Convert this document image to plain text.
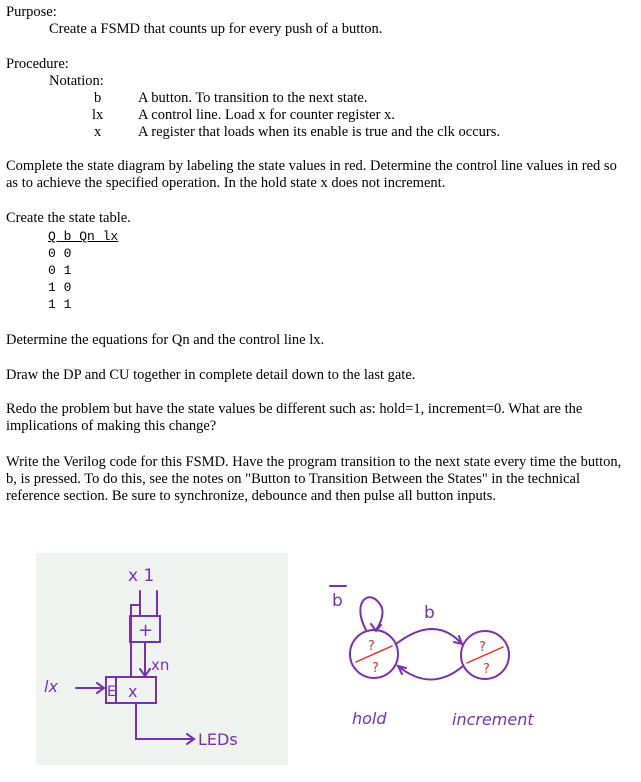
Purpose:
Create a FSMD that counts up for every push of a button.
Procedure:
Notation:
b	A button. To transition to the next state.
lx A control line. Load x for counter register x.
x	A register that loads when its enable is true and the clk occurs.
Complete the state diagram by labeling the state values in red. Determine the control line values in red so as to achieve the specified operation. In the hold state x does not increment.
Create the state table.
Q b Qn lx
0 0
0 1
1 0
1 1
Determine the equations for Qn and the control line lx.
Draw the DP and CU together in complete detail down to the last gate.
Redo the problem but have the state values be different such as: hold=1, increment=0. What are the implications of making this change?
Write the Verilog code for this FSMD. Have the program transition to the next state every time the button, b, is pressed. To do this, see the notes on "Button to Transition Between the States" in the technical reference section. Be sure to synchronize, debounce and then pulse all button inputs.
x 1
+
xn
E x
lx
LEDs
b
b
?
?
?
?
hold	increment
